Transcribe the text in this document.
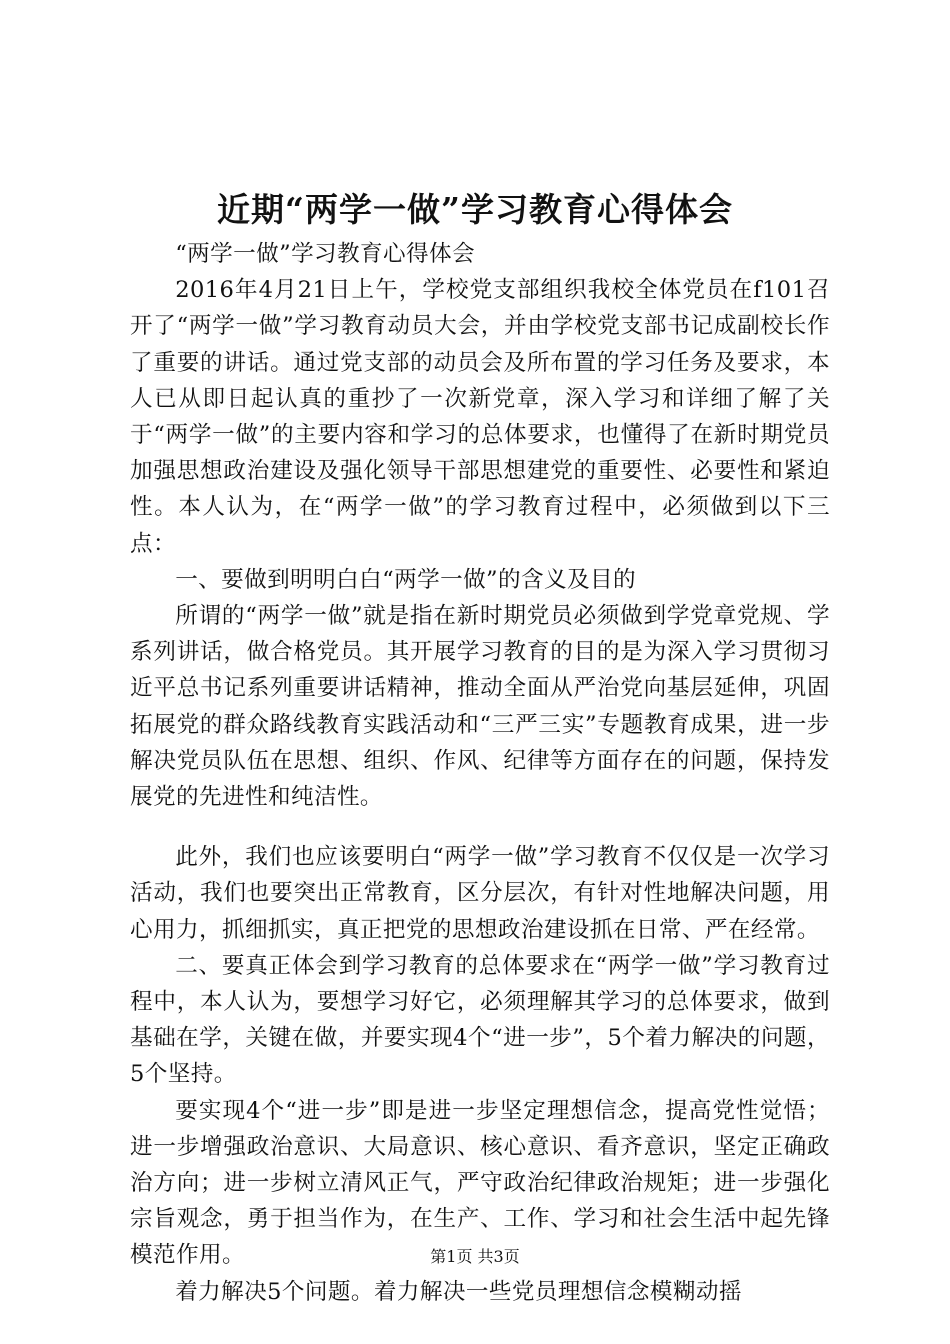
近期“两学一做”学习教育心得体会

“两学一做”学习教育心得体会

2016年4月21日上午，学校党支部组织我校全体党员在f101召开了“两学一做”学习教育动员大会，并由学校党支部书记成副校长作了重要的讲话。通过党支部的动员会及所布置的学习任务及要求，本人已从即日起认真的重抄了一次新党章，深入学习和详细了解了关于“两学一做”的主要内容和学习的总体要求，也懂得了在新时期党员加强思想政治建设及强化领导干部思想建党的重要性、必要性和紧迫性。本人认为，在“两学一做”的学习教育过程中，必须做到以下三点：

一、要做到明明白白“两学一做”的含义及目的

所谓的“两学一做”就是指在新时期党员必须做到学党章党规、学系列讲话，做合格党员。其开展学习教育的目的是为深入学习贯彻习近平总书记系列重要讲话精神，推动全面从严治党向基层延伸，巩固拓展党的群众路线教育实践活动和“三严三实”专题教育成果，进一步解决党员队伍在思想、组织、作风、纪律等方面存在的问题，保持发展党的先进性和纯洁性。

此外，我们也应该要明白“两学一做”学习教育不仅仅是一次学习活动，我们也要突出正常教育，区分层次，有针对性地解决问题，用心用力，抓细抓实，真正把党的思想政治建设抓在日常、严在经常。

二、要真正体会到学习教育的总体要求在“两学一做”学习教育过程中，本人认为，要想学习好它，必须理解其学习的总体要求，做到基础在学，关键在做，并要实现4个“进一步”，5个着力解决的问题，5个坚持。

要实现4个“进一步”即是进一步坚定理想信念，提高党性觉悟；进一步增强政治意识、大局意识、核心意识、看齐意识，坚定正确政治方向；进一步树立清风正气，严守政治纪律政治规矩；进一步强化宗旨观念，勇于担当作为，在生产、工作、学习和社会生活中起先锋模范作用。

着力解决5个问题。着力解决一些党员理想信念模糊动摇

第1页 共3页
